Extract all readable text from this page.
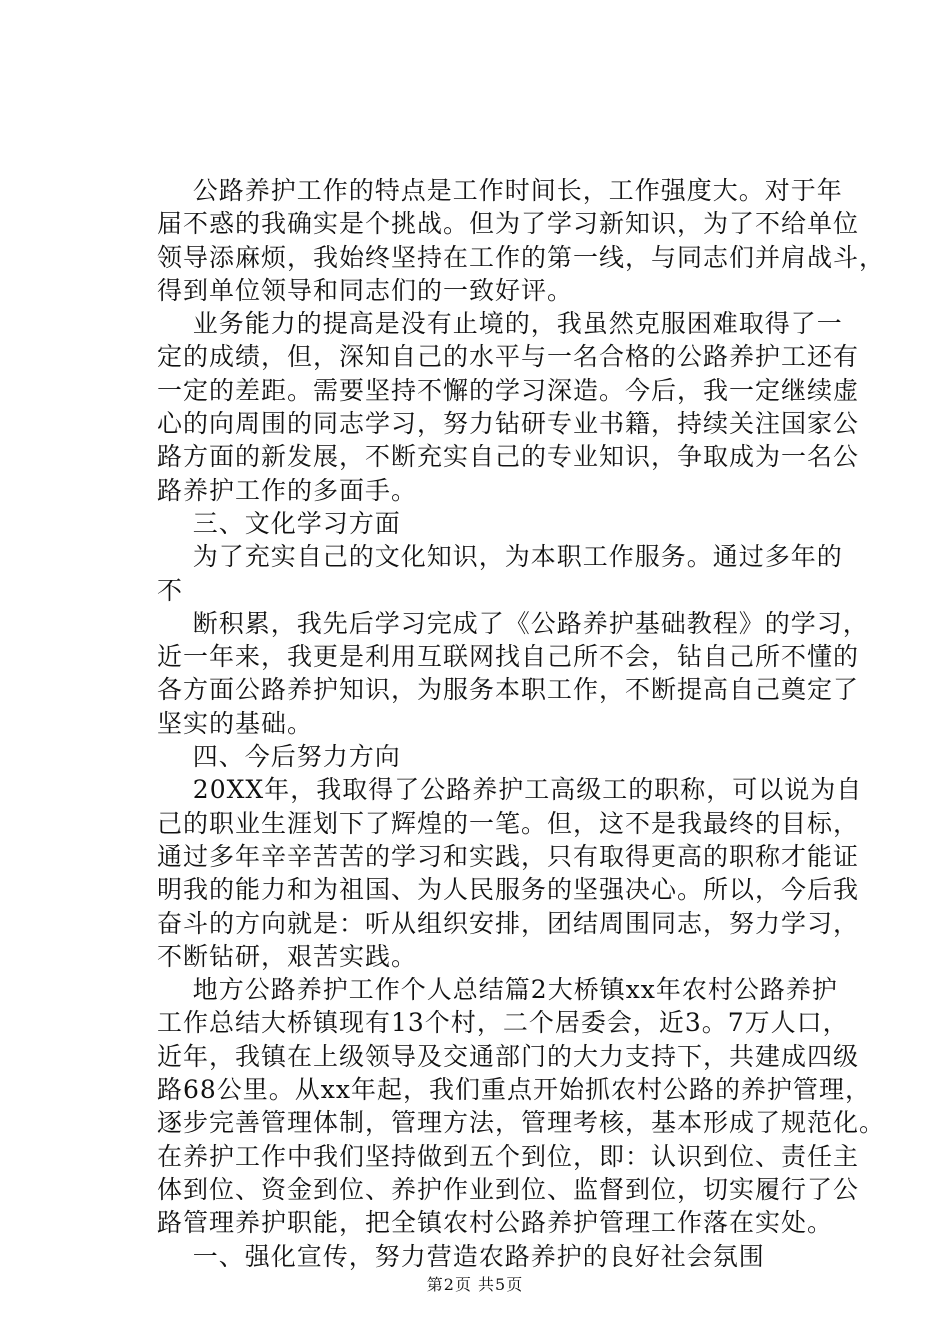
公路养护工作的特点是工作时间长，工作强度大。对于年
届不惑的我确实是个挑战。但为了学习新知识，为了不给单位
领导添麻烦，我始终坚持在工作的第一线，与同志们并肩战斗，
得到单位领导和同志们的一致好评。
业务能力的提高是没有止境的，我虽然克服困难取得了一
定的成绩，但，深知自己的水平与一名合格的公路养护工还有
一定的差距。需要坚持不懈的学习深造。今后，我一定继续虚
心的向周围的同志学习，努力钻研专业书籍，持续关注国家公
路方面的新发展，不断充实自己的专业知识，争取成为一名公
路养护工作的多面手。
三、文化学习方面
为了充实自己的文化知识，为本职工作服务。通过多年的
不
断积累，我先后学习完成了《公路养护基础教程》的学习，
近一年来，我更是利用互联网找自己所不会，钻自己所不懂的
各方面公路养护知识，为服务本职工作，不断提高自己奠定了
坚实的基础。
四、今后努力方向
20XX年，我取得了公路养护工高级工的职称，可以说为自
己的职业生涯划下了辉煌的一笔。但，这不是我最终的目标，
通过多年辛辛苦苦的学习和实践，只有取得更高的职称才能证
明我的能力和为祖国、为人民服务的坚强决心。所以，今后我
奋斗的方向就是：听从组织安排，团结周围同志，努力学习，
不断钻研，艰苦实践。
地方公路养护工作个人总结篇2大桥镇xx年农村公路养护
工作总结大桥镇现有13个村，二个居委会，近3。7万人口，
近年，我镇在上级领导及交通部门的大力支持下，共建成四级
路68公里。从xx年起，我们重点开始抓农村公路的养护管理，
逐步完善管理体制，管理方法，管理考核，基本形成了规范化。
在养护工作中我们坚持做到五个到位，即：认识到位、责任主
体到位、资金到位、养护作业到位、监督到位，切实履行了公
路管理养护职能，把全镇农村公路养护管理工作落在实处。
一、强化宣传，努力营造农路养护的良好社会氛围
第2页 共5页
